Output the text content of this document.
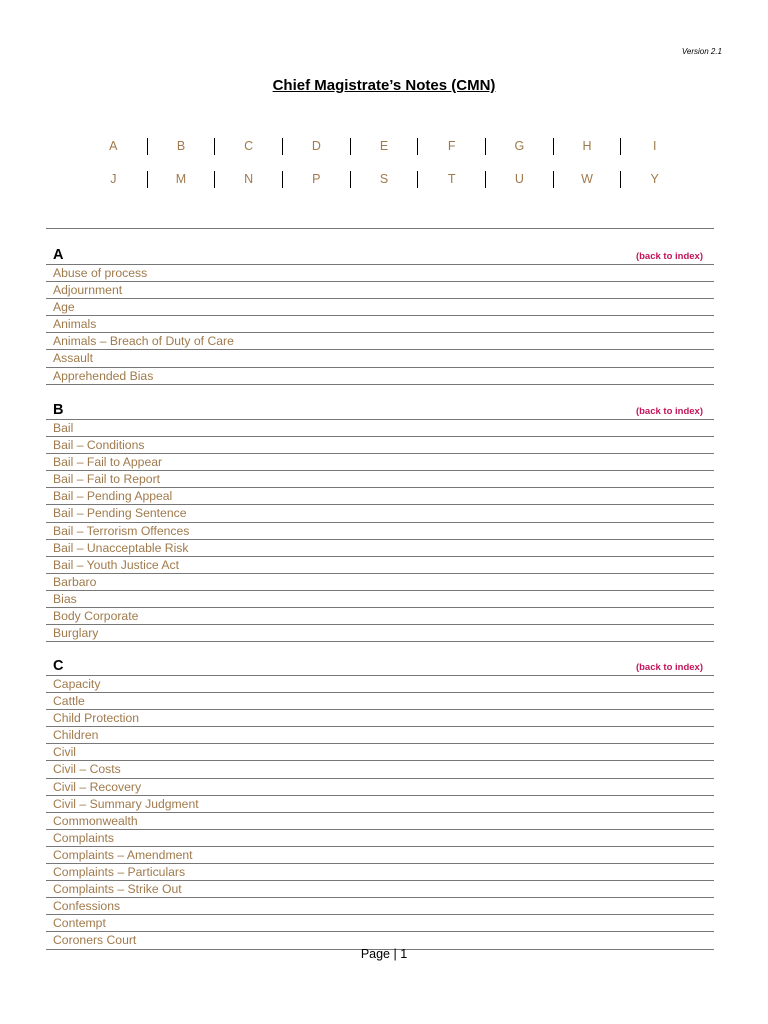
Version 2.1
Chief Magistrate’s Notes (CMN)
A	B	C	D	E	F	G	H	I
J	M	N	P	S	T	U	W	Y
A	(back to index)
Abuse of process
Adjournment
Age
Animals
Animals – Breach of Duty of Care
Assault
Apprehended Bias
B	(back to index)
Bail
Bail – Conditions
Bail – Fail to Appear
Bail – Fail to Report
Bail – Pending Appeal
Bail – Pending Sentence
Bail – Terrorism Offences
Bail – Unacceptable Risk
Bail – Youth Justice Act
Barbaro
Bias
Body Corporate
Burglary
C	(back to index)
Capacity
Cattle
Child Protection
Children
Civil
Civil – Costs
Civil – Recovery
Civil – Summary Judgment
Commonwealth
Complaints
Complaints – Amendment
Complaints – Particulars
Complaints – Strike Out
Confessions
Contempt
Coroners Court
Page | 1
